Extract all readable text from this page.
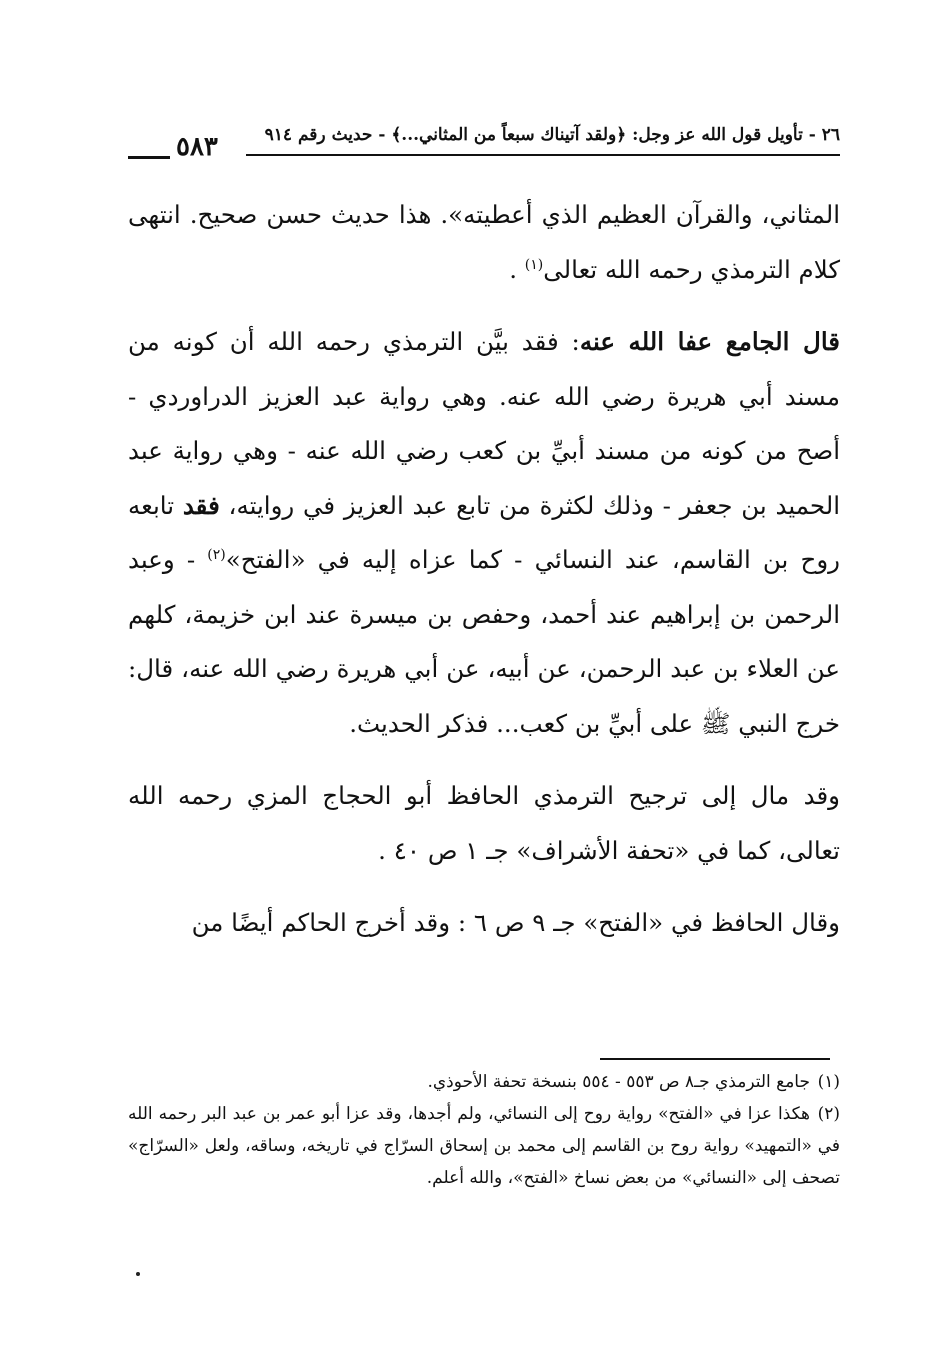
٢٦ - تأويل قول الله عز وجل: ﴿ولقد آتيناك سبعاً من المثاني...﴾ - حديث رقم ٩١٤
٥٨٣

المثاني، والقرآن العظيم الذي أعطيته». هذا حديث حسن صحيح. انتهى كلام الترمذي رحمه الله تعالى$^{(١)}$ .

قال الجامع عفا الله عنه: فقد بيَّن الترمذي رحمه الله أن كونه من مسند أبي هريرة رضي الله عنه. وهي رواية عبد العزيز الدراوردي - أصح من كونه من مسند أبيِّ بن كعب رضي الله عنه - وهي رواية عبد الحميد بن جعفر - وذلك لكثرة من تابع عبد العزيز في روايته، فقد تابعه روح بن القاسم، عند النسائي - كما عزاه إليه في «الفتح»$^{(٢)}$ - وعبد الرحمن بن إبراهيم عند أحمد، وحفص بن ميسرة عند ابن خزيمة، كلهم عن العلاء بن عبد الرحمن، عن أبيه، عن أبي هريرة رضي الله عنه، قال: خرج النبي ﷺ على أبيِّ بن كعب... فذكر الحديث.

وقد مال إلى ترجيح الترمذي الحافظ أبو الحجاج المزي رحمه الله تعالى، كما في «تحفة الأشراف» جـ ١ ص ٤٠ .

وقال الحافظ في «الفتح» جـ ٩ ص ٦ : وقد أخرج الحاكم أيضًا من

(١)جامع الترمذي جـ٨ ص ٥٥٣ - ٥٥٤ بنسخة تحفة الأحوذي.

(٢)هكذا عزا في «الفتح» رواية روح إلى النسائي، ولم أجدها، وقد عزا أبو عمر بن عبد البر رحمه الله في «التمهيد» رواية روح بن القاسم إلى محمد بن إسحاق السرّاج في تاريخه، وساقه، ولعل «السرّاج» تصحف إلى «النسائي» من بعض نساخ «الفتح»، والله أعلم.
